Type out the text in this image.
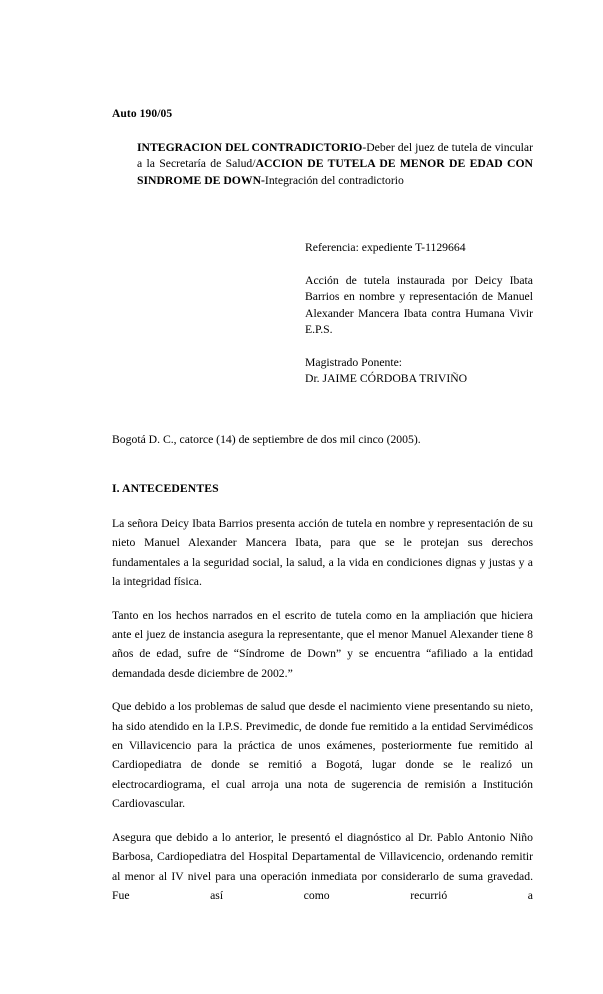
Auto 190/05
INTEGRACION DEL CONTRADICTORIO-Deber del juez de tutela de vincular a la Secretaría de Salud/ACCION DE TUTELA DE MENOR DE EDAD CON SINDROME DE DOWN-Integración del contradictorio

Referencia: expediente T-1129664

Acción de tutela instaurada por Deicy Ibata Barrios en nombre y representación de Manuel Alexander Mancera Ibata contra Humana Vivir E.P.S.

Magistrado Ponente:

Dr. JAIME CÓRDOBA TRIVIÑO

Bogotá D. C., catorce (14) de septiembre de dos mil cinco (2005).
I. ANTECEDENTES

La señora Deicy Ibata Barrios presenta acción de tutela en nombre y representación de su nieto Manuel Alexander Mancera Ibata, para que se le protejan sus derechos fundamentales a la seguridad social, la salud, a la vida en condiciones dignas y justas y a la integridad física.

Tanto en los hechos narrados en el escrito de tutela como en la ampliación que hiciera ante el juez de instancia asegura la representante, que el menor Manuel Alexander tiene 8 años de edad, sufre de “Síndrome de Down” y se encuentra “afiliado a la entidad demandada desde diciembre de 2002.”

Que debido a los problemas de salud que desde el nacimiento viene presentando su nieto, ha sido atendido en la I.P.S. Previmedic, de donde fue remitido a la entidad Servimédicos en Villavicencio para la práctica de unos exámenes, posteriormente fue remitido al Cardiopediatra de donde se remitió a Bogotá, lugar donde se le realizó un electrocardiograma, el cual arroja una nota de sugerencia de remisión a Institución Cardiovascular.

Asegura que debido a lo anterior, le presentó el diagnóstico al Dr. Pablo Antonio Niño Barbosa, Cardiopediatra del Hospital Departamental de Villavicencio, ordenando remitir al menor al IV nivel para una operación inmediata por considerarlo de suma gravedad. Fue así como recurrió a
